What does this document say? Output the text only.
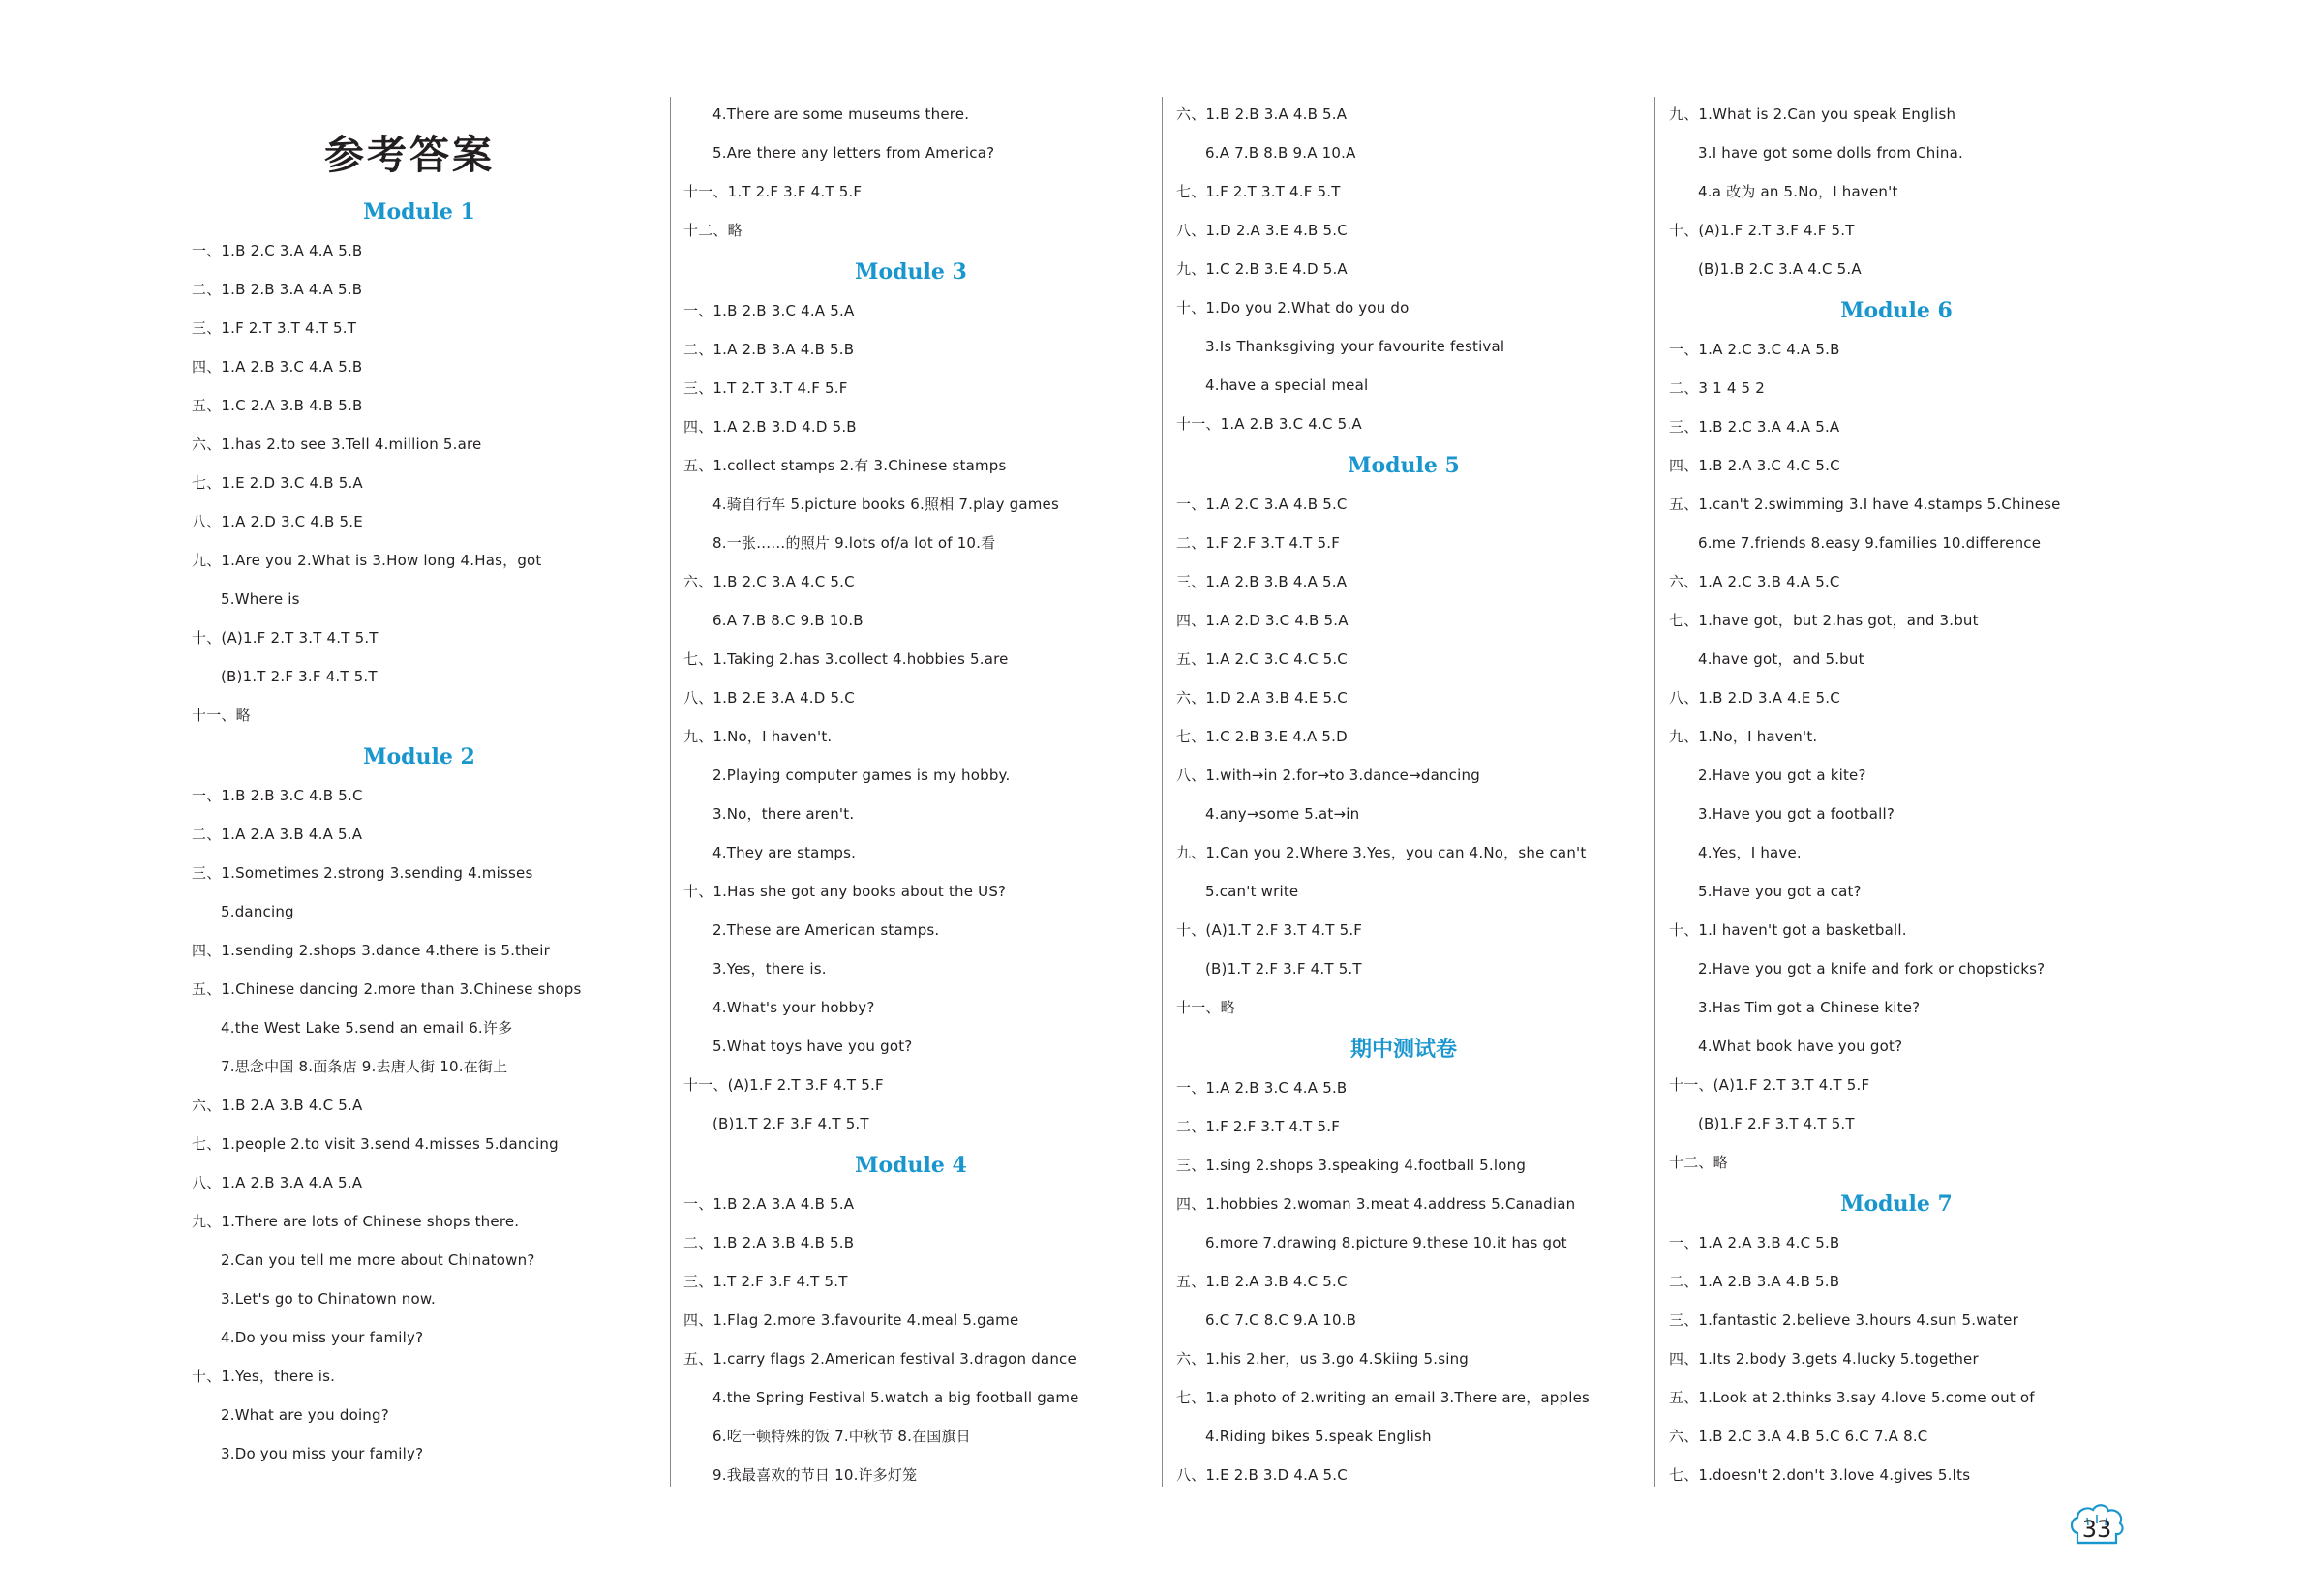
参考答案
Module 1
一、1.B 2.C 3.A 4.A 5.B
二、1.B 2.B 3.A 4.A 5.B
三、1.F 2.T 3.T 4.T 5.T
四、1.A 2.B 3.C 4.A 5.B
五、1.C 2.A 3.B 4.B 5.B
六、1.has 2.to see 3.Tell 4.million 5.are
七、1.E 2.D 3.C 4.B 5.A
八、1.A 2.D 3.C 4.B 5.E
九、1.Are you 2.What is 3.How long 4.Has，got
5.Where is
十、(A)1.F 2.T 3.T 4.T 5.T
(B)1.T 2.F 3.F 4.T 5.T
十一、略
Module 2
一、1.B 2.B 3.C 4.B 5.C
二、1.A 2.A 3.B 4.A 5.A
三、1.Sometimes 2.strong 3.sending 4.misses
5.dancing
四、1.sending 2.shops 3.dance 4.there is 5.their
五、1.Chinese dancing 2.more than 3.Chinese shops
4.the West Lake 5.send an email 6.许多
7.思念中国 8.面条店 9.去唐人街 10.在街上
六、1.B 2.A 3.B 4.C 5.A
七、1.people 2.to visit 3.send 4.misses 5.dancing
八、1.A 2.B 3.A 4.A 5.A
九、1.There are lots of Chinese shops there.
2.Can you tell me more about Chinatown?
3.Let's go to Chinatown now.
4.Do you miss your family?
十、1.Yes，there is.
2.What are you doing?
3.Do you miss your family?
4.There are some museums there.
5.Are there any letters from America?
十一、1.T 2.F 3.F 4.T 5.F
十二、略
Module 3
一、1.B 2.B 3.C 4.A 5.A
二、1.A 2.B 3.A 4.B 5.B
三、1.T 2.T 3.T 4.F 5.F
四、1.A 2.B 3.D 4.D 5.B
五、1.collect stamps 2.有 3.Chinese stamps
4.骑自行车 5.picture books 6.照相 7.play games
8.一张……的照片 9.lots of/a lot of 10.看
六、1.B 2.C 3.A 4.C 5.C
6.A 7.B 8.C 9.B 10.B
七、1.Taking 2.has 3.collect 4.hobbies 5.are
八、1.B 2.E 3.A 4.D 5.C
九、1.No，I haven't.
2.Playing computer games is my hobby.
3.No，there aren't.
4.They are stamps.
十、1.Has she got any books about the US?
2.These are American stamps.
3.Yes，there is.
4.What's your hobby?
5.What toys have you got?
十一、(A)1.F 2.T 3.F 4.T 5.F
(B)1.T 2.F 3.F 4.T 5.T
Module 4
一、1.B 2.A 3.A 4.B 5.A
二、1.B 2.A 3.B 4.B 5.B
三、1.T 2.F 3.F 4.T 5.T
四、1.Flag 2.more 3.favourite 4.meal 5.game
五、1.carry flags 2.American festival 3.dragon dance
4.the Spring Festival 5.watch a big football game
6.吃一顿特殊的饭 7.中秋节 8.在国旗日
9.我最喜欢的节日 10.许多灯笼
六、1.B 2.B 3.A 4.B 5.A
6.A 7.B 8.B 9.A 10.A
七、1.F 2.T 3.T 4.F 5.T
八、1.D 2.A 3.E 4.B 5.C
九、1.C 2.B 3.E 4.D 5.A
十、1.Do you 2.What do you do
3.Is Thanksgiving your favourite festival
4.have a special meal
十一、1.A 2.B 3.C 4.C 5.A
Module 5
一、1.A 2.C 3.A 4.B 5.C
二、1.F 2.F 3.T 4.T 5.F
三、1.A 2.B 3.B 4.A 5.A
四、1.A 2.D 3.C 4.B 5.A
五、1.A 2.C 3.C 4.C 5.C
六、1.D 2.A 3.B 4.E 5.C
七、1.C 2.B 3.E 4.A 5.D
八、1.with→in 2.for→to 3.dance→dancing
4.any→some 5.at→in
九、1.Can you 2.Where 3.Yes，you can 4.No，she can't
5.can't write
十、(A)1.T 2.F 3.T 4.T 5.F
(B)1.T 2.F 3.F 4.T 5.T
十一、略
期中测试卷
一、1.A 2.B 3.C 4.A 5.B
二、1.F 2.F 3.T 4.T 5.F
三、1.sing 2.shops 3.speaking 4.football 5.long
四、1.hobbies 2.woman 3.meat 4.address 5.Canadian
6.more 7.drawing 8.picture 9.these 10.it has got
五、1.B 2.A 3.B 4.C 5.C
6.C 7.C 8.C 9.A 10.B
六、1.his 2.her，us 3.go 4.Skiing 5.sing
七、1.a photo of 2.writing an email 3.There are，apples
4.Riding bikes 5.speak English
八、1.E 2.B 3.D 4.A 5.C
九、1.What is 2.Can you speak English
3.I have got some dolls from China.
4.a 改为 an 5.No，I haven't
十、(A)1.F 2.T 3.F 4.F 5.T
(B)1.B 2.C 3.A 4.C 5.A
Module 6
一、1.A 2.C 3.C 4.A 5.B
二、3 1 4 5 2
三、1.B 2.C 3.A 4.A 5.A
四、1.B 2.A 3.C 4.C 5.C
五、1.can't 2.swimming 3.I have 4.stamps 5.Chinese
6.me 7.friends 8.easy 9.families 10.difference
六、1.A 2.C 3.B 4.A 5.C
七、1.have got，but 2.has got，and 3.but
4.have got，and 5.but
八、1.B 2.D 3.A 4.E 5.C
九、1.No，I haven't.
2.Have you got a kite?
3.Have you got a football?
4.Yes，I have.
5.Have you got a cat?
十、1.I haven't got a basketball.
2.Have you got a knife and fork or chopsticks?
3.Has Tim got a Chinese kite?
4.What book have you got?
十一、(A)1.F 2.T 3.T 4.T 5.F
(B)1.F 2.F 3.T 4.T 5.T
十二、略
Module 7
一、1.A 2.A 3.B 4.C 5.B
二、1.A 2.B 3.A 4.B 5.B
三、1.fantastic 2.believe 3.hours 4.sun 5.water
四、1.Its 2.body 3.gets 4.lucky 5.together
五、1.Look at 2.thinks 3.say 4.love 5.come out of
六、1.B 2.C 3.A 4.B 5.C 6.C 7.A 8.C
七、1.doesn't 2.don't 3.love 4.gives 5.Its
33
